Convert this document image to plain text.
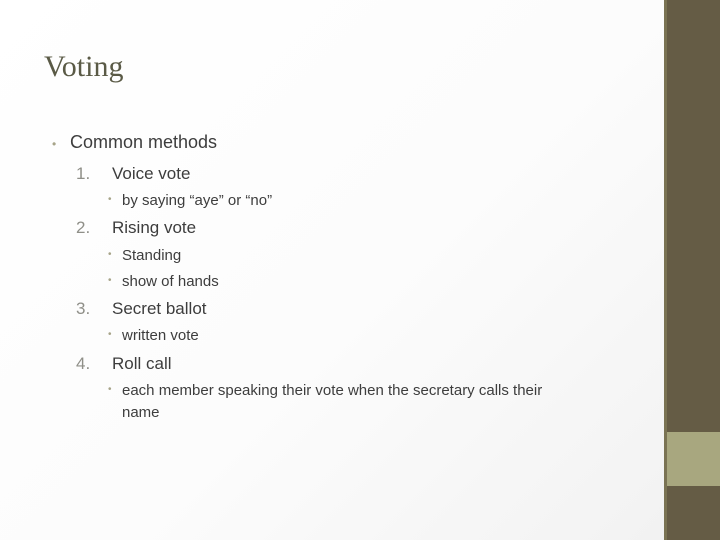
Voting
• Common methods
1. Voice vote
• by saying “aye” or “no”
2. Rising vote
• Standing
• show of hands
3. Secret ballot
• written vote
4. Roll call
• each member speaking their vote when the secretary calls their
name
